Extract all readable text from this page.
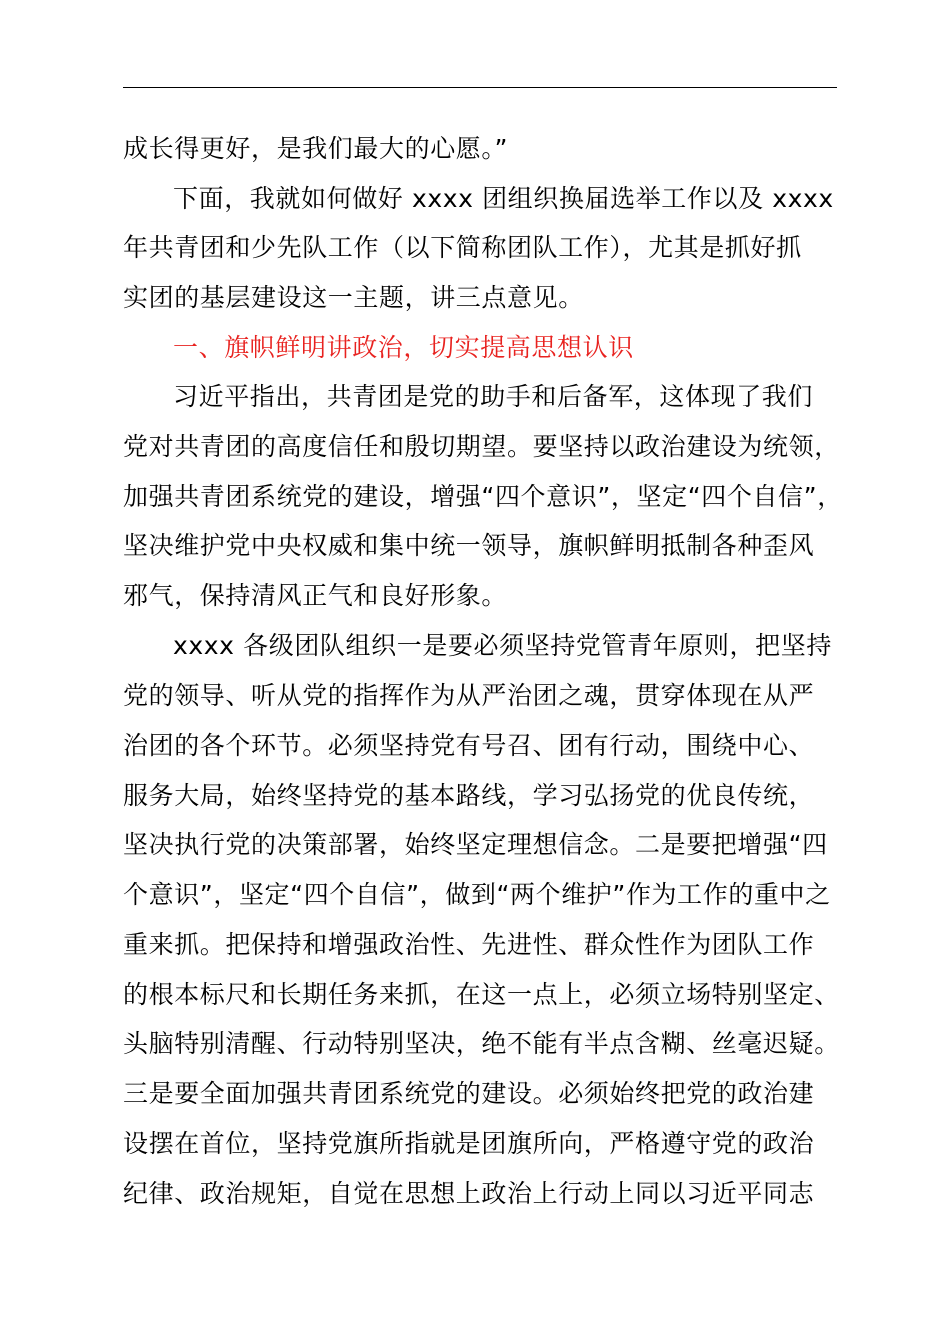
成长得更好，是我们最大的心愿。”
下面，我就如何做好 xxxx 团组织换届选举工作以及 xxxx
年共青团和少先队工作（以下简称团队工作），尤其是抓好抓
实团的基层建设这一主题，讲三点意见。
一、旗帜鲜明讲政治，切实提高思想认识
习近平指出，共青团是党的助手和后备军，这体现了我们
党对共青团的高度信任和殷切期望。要坚持以政治建设为统领，
加强共青团系统党的建设，增强“四个意识”，坚定“四个自信”，
坚决维护党中央权威和集中统一领导，旗帜鲜明抵制各种歪风
邪气，保持清风正气和良好形象。
xxxx 各级团队组织一是要必须坚持党管青年原则，把坚持
党的领导、听从党的指挥作为从严治团之魂，贯穿体现在从严
治团的各个环节。必须坚持党有号召、团有行动，围绕中心、
服务大局，始终坚持党的基本路线，学习弘扬党的优良传统，
坚决执行党的决策部署，始终坚定理想信念。二是要把增强“四
个意识”，坚定“四个自信”，做到“两个维护”作为工作的重中之
重来抓。把保持和增强政治性、先进性、群众性作为团队工作
的根本标尺和长期任务来抓，在这一点上，必须立场特别坚定、
头脑特别清醒、行动特别坚决，绝不能有半点含糊、丝毫迟疑。
三是要全面加强共青团系统党的建设。必须始终把党的政治建
设摆在首位，坚持党旗所指就是团旗所向，严格遵守党的政治
纪律、政治规矩，自觉在思想上政治上行动上同以习近平同志
